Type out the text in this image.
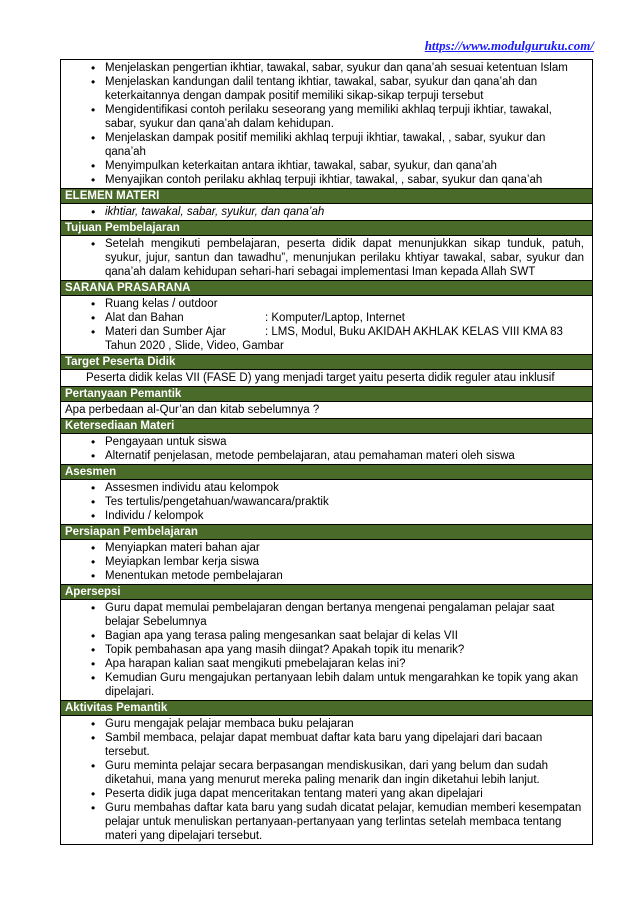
https://www.modulguruku.com/
• Menjelaskan pengertian ikhtiar, tawakal, sabar, syukur dan qana’ah sesuai ketentuan Islam
• Menjelaskan kandungan dalil tentang ikhtiar, tawakal, sabar, syukur dan qana’ah dan keterkaitannya dengan dampak positif memiliki sikap-sikap terpuji tersebut
• Mengidentifikasi contoh perilaku seseorang yang memiliki akhlaq terpuji ikhtiar, tawakal, sabar, syukur dan qana’ah dalam kehidupan.
• Menjelaskan dampak positif memiliki akhlaq terpuji ikhtiar, tawakal, , sabar, syukur dan qana’ah
• Menyimpulkan keterkaitan antara ikhtiar, tawakal, sabar, syukur, dan qana’ah
• Menyajikan contoh perilaku akhlaq terpuji ikhtiar, tawakal, , sabar, syukur dan qana’ah
ELEMEN MATERI
• ikhtiar, tawakal, sabar, syukur, dan qana’ah
Tujuan Pembelajaran
• Setelah mengikuti pembelajaran, peserta didik dapat menunjukkan sikap tunduk, patuh, syukur, jujur, santun dan tawadhu”, menunjukan perilaku khtiyar tawakal, sabar, syukur dan qana’ah dalam kehidupan sehari-hari sebagai implementasi Iman kepada Allah SWT
SARANA PRASARANA
• Ruang kelas / outdoor
• Alat dan Bahan	: Komputer/Laptop, Internet
• Materi dan Sumber Ajar	: LMS, Modul, Buku AKIDAH AKHLAK KELAS VIII KMA 83
Tahun 2020 , Slide, Video, Gambar
Target Peserta Didik
Peserta didik kelas VII (FASE D) yang menjadi target yaitu peserta didik reguler atau inklusif
Pertanyaan Pemantik
Apa perbedaan al-Qur’an dan kitab sebelumnya ?
Ketersediaan Materi
• Pengayaan untuk siswa
• Alternatif penjelasan, metode pembelajaran, atau pemahaman materi oleh siswa
Asesmen
• Assesmen individu atau kelompok
• Tes tertulis/pengetahuan/wawancara/praktik
• Individu / kelompok
Persiapan Pembelajaran
• Menyiapkan materi bahan ajar
• Meyiapkan lembar kerja siswa
• Menentukan metode pembelajaran
Apersepsi
• Guru dapat memulai pembelajaran dengan bertanya mengenai pengalaman pelajar saat belajar Sebelumnya
• Bagian apa yang terasa paling mengesankan saat belajar di kelas VII
• Topik pembahasan apa yang masih diingat? Apakah topik itu menarik?
• Apa harapan kalian saat mengikuti pmebelajaran kelas ini?
• Kemudian Guru mengajukan pertanyaan lebih dalam untuk mengarahkan ke topik yang akan dipelajari.
Aktivitas Pemantik
• Guru mengajak pelajar membaca buku pelajaran
• Sambil membaca, pelajar dapat membuat daftar kata baru yang dipelajari dari bacaan tersebut.
• Guru meminta pelajar secara berpasangan mendiskusikan, dari yang belum dan sudah diketahui, mana yang menurut mereka paling menarik dan ingin diketahui lebih lanjut.
• Peserta didik juga dapat menceritakan tentang materi yang akan dipelajari
• Guru membahas daftar kata baru yang sudah dicatat pelajar, kemudian memberi kesempatan pelajar untuk menuliskan pertanyaan-pertanyaan yang terlintas setelah membaca tentang materi yang dipelajari tersebut.
